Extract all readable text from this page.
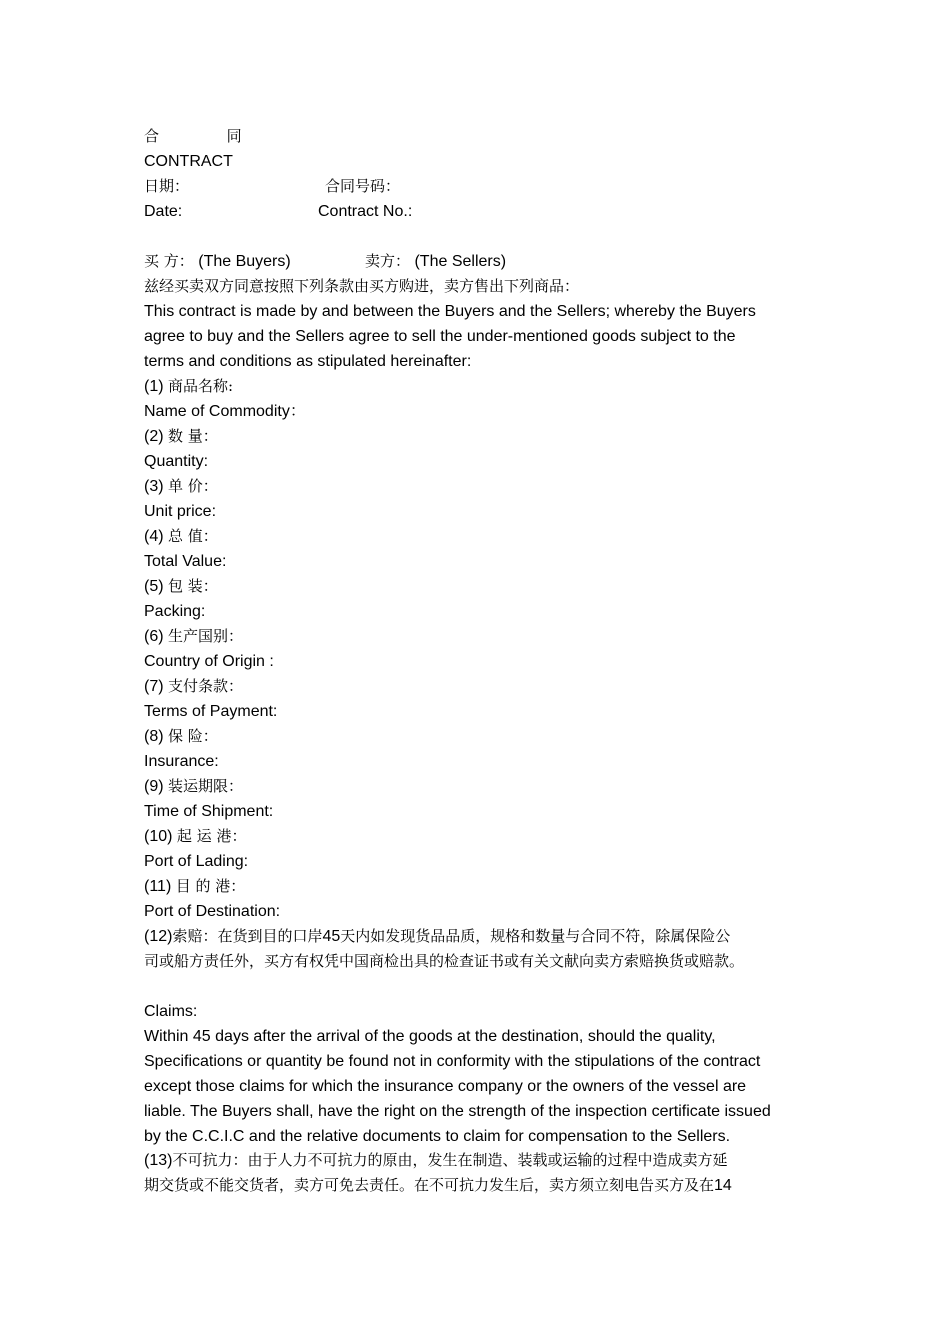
合	同
CONTRACT
日期：	合同号码：
Date:	Contract No.:
买 方： (The Buyers)	卖方： (The Sellers)
兹经买卖双方同意按照下列条款由买方购进，卖方售出下列商品：
This contract is made by and between the Buyers and the Sellers; whereby the Buyers
agree to buy and the Sellers agree to sell the under-mentioned goods subject to the
terms and conditions as stipulated hereinafter:
(1) 商品名称:
Name of Commodity：
(2) 数 量：
Quantity:
(3) 单 价：
Unit price:
(4) 总 值：
Total Value:
(5) 包 装：
Packing:
(6) 生产国别：
Country of Origin :
(7) 支付条款：
Terms of Payment:
(8) 保 险：
Insurance:
(9) 装运期限：
Time of Shipment:
(10) 起 运 港：
Port of Lading:
(11) 目 的 港：
Port of Destination:
(12)索赔：在货到目的口岸45天内如发现货品品质，规格和数量与合同不符，除属保险公
司或船方责任外，买方有权凭中国商检出具的检查证书或有关文献向卖方索赔换货或赔款。
Claims:
Within 45 days after the arrival of the goods at the destination, should the quality,
Specifications or quantity be found not in conformity with the stipulations of the contract
except those claims for which the insurance company or the owners of the vessel are
liable. The Buyers shall, have the right on the strength of the inspection certificate issued
by the C.C.I.C and the relative documents to claim for compensation to the Sellers.
(13)不可抗力：由于人力不可抗力的原由，发生在制造、装载或运输的过程中造成卖方延
期交货或不能交货者，卖方可免去责任。在不可抗力发生后，卖方须立刻电告买方及在14
